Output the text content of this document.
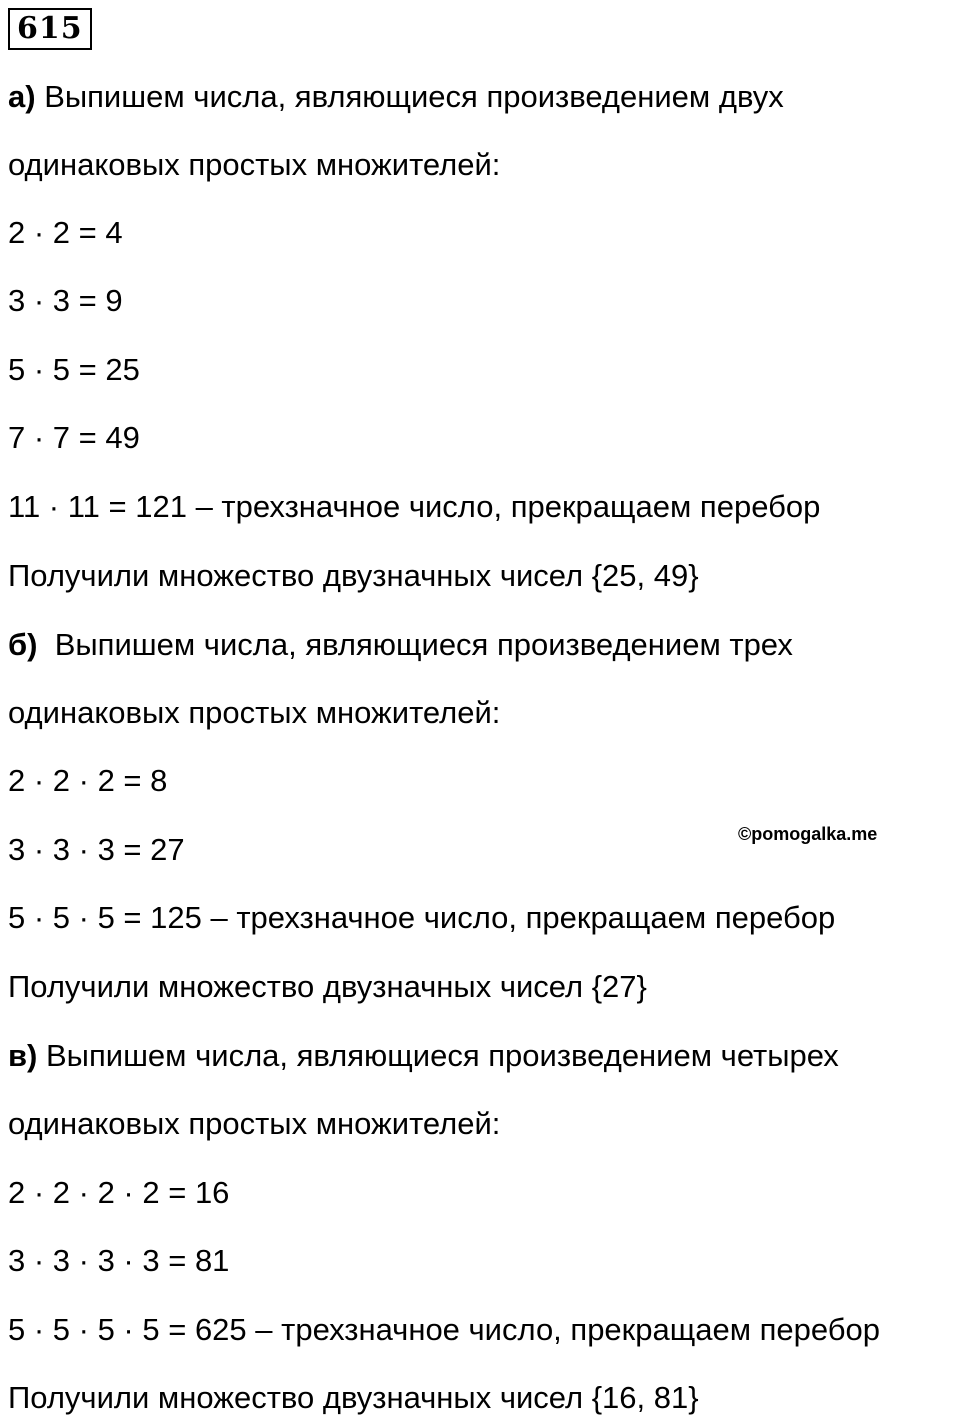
615
а) Выпишем числа, являющиеся произведением двух
одинаковых простых множителей:
2 · 2 = 4
3 · 3 = 9
5 · 5 = 25
7 · 7 = 49
11 · 11 = 121 – трехзначное число, прекращаем перебор
Получили множество двузначных чисел {25, 49}
б)  Выпишем числа, являющиеся произведением трех
одинаковых простых множителей:
2 · 2 · 2 = 8
3 · 3 · 3 = 27
5 · 5 · 5 = 125 – трехзначное число, прекращаем перебор
Получили множество двузначных чисел {27}
в) Выпишем числа, являющиеся произведением четырех
одинаковых простых множителей:
2 · 2 · 2 · 2 = 16
3 · 3 · 3 · 3 = 81
5 · 5 · 5 · 5 = 625 – трехзначное число, прекращаем перебор
Получили множество двузначных чисел {16, 81}
©pomogalka.me
